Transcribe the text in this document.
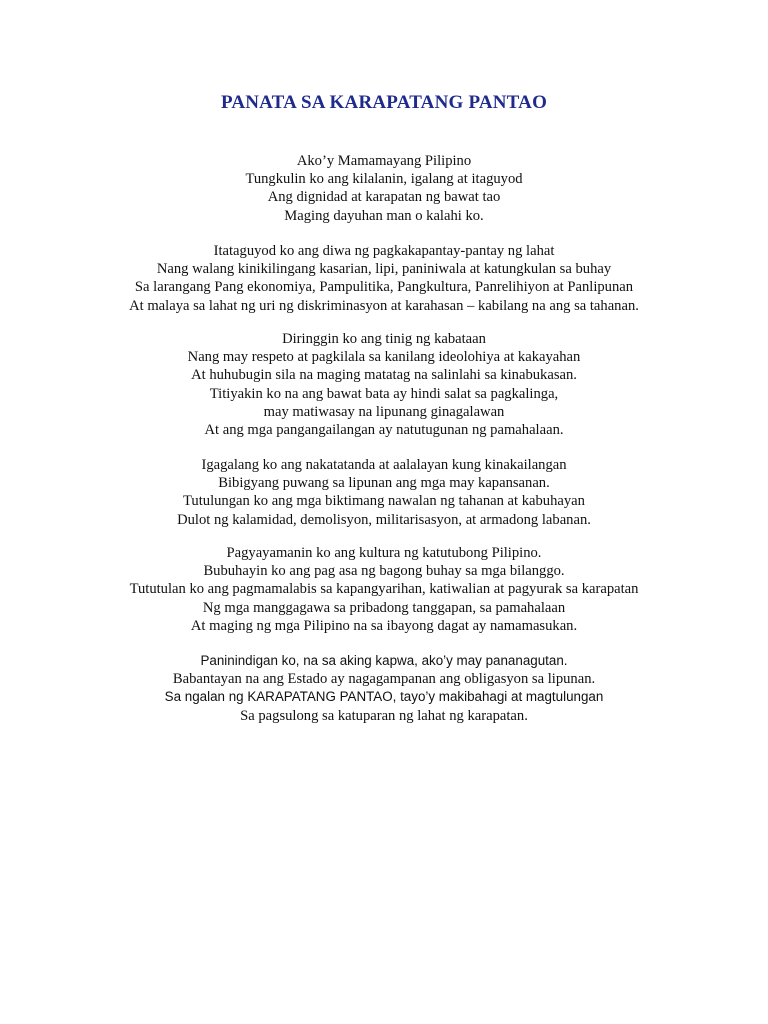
PANATA SA KARAPATANG PANTAO
Ako’y Mamamayang Pilipino
Tungkulin ko ang kilalanin, igalang at itaguyod
Ang dignidad at karapatan ng bawat tao
Maging dayuhan man o kalahi ko.
Itataguyod ko ang diwa ng pagkakapantay-pantay ng lahat
Nang walang kinikilingang kasarian, lipi, paniniwala at katungkulan sa buhay
Sa larangang Pang ekonomiya, Pampulitika, Pangkultura, Panrelihiyon at Panlipunan
At malaya sa lahat ng uri ng diskriminasyon at karahasan – kabilang na ang sa tahanan.
Diringgin ko ang tinig ng kabataan
Nang may respeto at pagkilala sa kanilang ideolohiya at kakayahan
At huhubugin sila na maging matatag na salinlahi sa kinabukasan.
Titiyakin ko na ang bawat bata ay hindi salat sa pagkalinga,
may matiwasay na lipunang ginagalawan
At ang mga pangangailangan ay natutugunan ng pamahalaan.
Igagalang ko ang nakatatanda at aalalayan kung kinakailangan
Bibigyang puwang sa lipunan ang mga may kapansanan.
Tutulungan ko ang mga biktimang nawalan ng tahanan at kabuhayan
Dulot ng kalamidad, demolisyon, militarisasyon, at armadong labanan.
Pagyayamanin ko ang kultura ng katutubong Pilipino.
Bubuhayin ko ang pag asa ng bagong buhay sa mga bilanggo.
Tututulan ko ang pagmamalabis sa kapangyarihan, katiwalian at pagyurak sa karapatan
Ng mga manggagawa sa pribadong tanggapan, sa pamahalaan
At maging ng mga Pilipino na sa ibayong dagat ay namamasukan.
Paninindigan ko, na sa aking kapwa, ako’y may pananagutan.
Babantayan na ang Estado ay nagagampanan ang obligasyon sa lipunan.
Sa ngalan ng KARAPATANG PANTAO, tayo’y makibahagi at magtulungan
Sa pagsulong sa katuparan ng lahat ng karapatan.
